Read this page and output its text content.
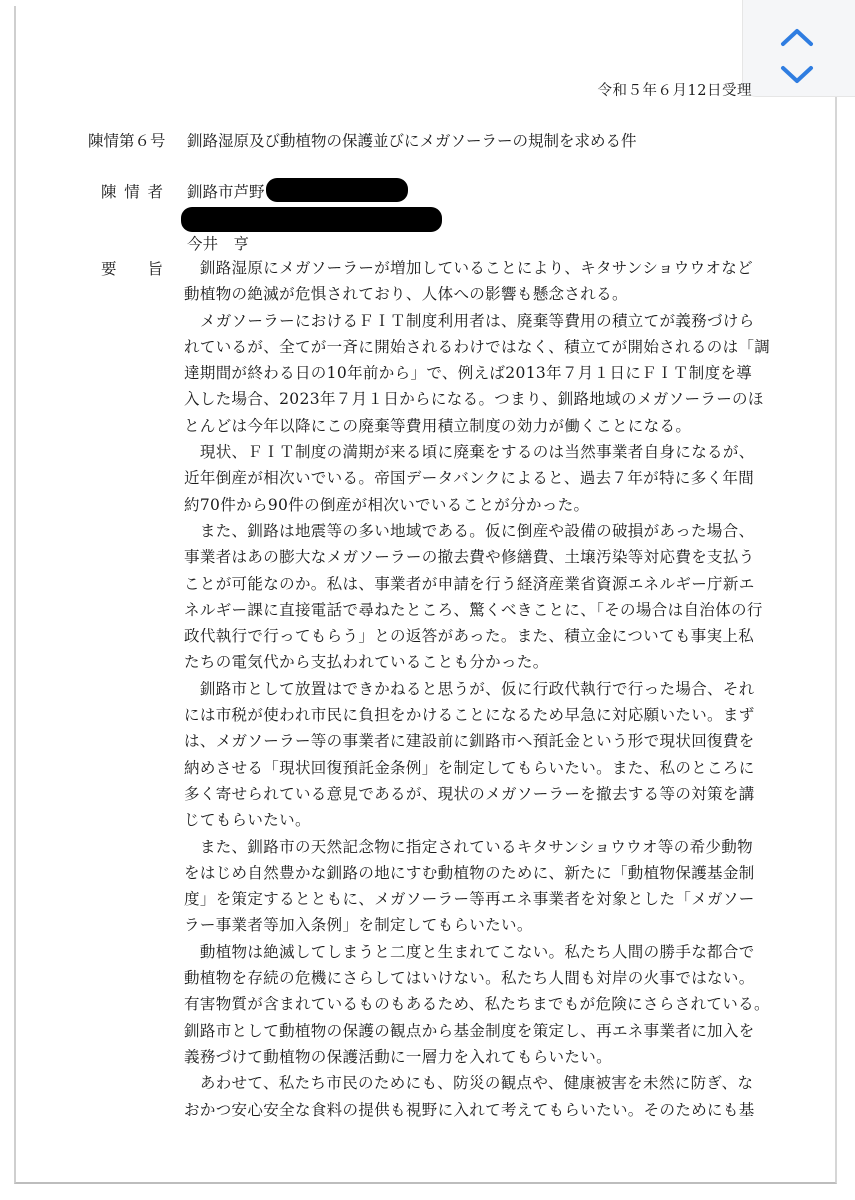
令和５年６月12日受理
陳情第６号	釧路湿原及び動植物の保護並びにメガソーラーの規制を求める件
陳 情 者 釧路市芦野
今井　亨
要　　旨 　釧路湿原にメガソーラーが増加していることにより、キタサンショウウオなど
動植物の絶滅が危惧されており、人体への影響も懸念される。
　メガソーラーにおけるＦＩＴ制度利用者は、廃棄等費用の積立てが義務づけら
れているが、全てが一斉に開始されるわけではなく、積立てが開始されるのは「調
達期間が終わる日の10年前から」で、例えば2013年７月１日にＦＩＴ制度を導
入した場合、2023年７月１日からになる。つまり、釧路地域のメガソーラーのほ
とんどは今年以降にこの廃棄等費用積立制度の効力が働くことになる。
　現状、ＦＩＴ制度の満期が来る頃に廃棄をするのは当然事業者自身になるが、
近年倒産が相次いでいる。帝国データバンクによると、過去７年が特に多く年間
約70件から90件の倒産が相次いでいることが分かった。
　また、釧路は地震等の多い地域である。仮に倒産や設備の破損があった場合、
事業者はあの膨大なメガソーラーの撤去費や修繕費、土壌汚染等対応費を支払う
ことが可能なのか。私は、事業者が申請を行う経済産業省資源エネルギー庁新エ
ネルギー課に直接電話で尋ねたところ、驚くべきことに、「その場合は自治体の行
政代執行で行ってもらう」との返答があった。また、積立金についても事実上私
たちの電気代から支払われていることも分かった。
　釧路市として放置はできかねると思うが、仮に行政代執行で行った場合、それ
には市税が使われ市民に負担をかけることになるため早急に対応願いたい。まず
は、メガソーラー等の事業者に建設前に釧路市へ預託金という形で現状回復費を
納めさせる「現状回復預託金条例」を制定してもらいたい。また、私のところに
多く寄せられている意見であるが、現状のメガソーラーを撤去する等の対策を講
じてもらいたい。
　また、釧路市の天然記念物に指定されているキタサンショウウオ等の希少動物
をはじめ自然豊かな釧路の地にすむ動植物のために、新たに「動植物保護基金制
度」を策定するとともに、メガソーラー等再エネ事業者を対象とした「メガソー
ラー事業者等加入条例」を制定してもらいたい。
　動植物は絶滅してしまうと二度と生まれてこない。私たち人間の勝手な都合で
動植物を存続の危機にさらしてはいけない。私たち人間も対岸の火事ではない。
有害物質が含まれているものもあるため、私たちまでもが危険にさらされている。
釧路市として動植物の保護の観点から基金制度を策定し、再エネ事業者に加入を
義務づけて動植物の保護活動に一層力を入れてもらいたい。
　あわせて、私たち市民のためにも、防災の観点や、健康被害を未然に防ぎ、な
おかつ安心安全な食料の提供も視野に入れて考えてもらいたい。そのためにも基
